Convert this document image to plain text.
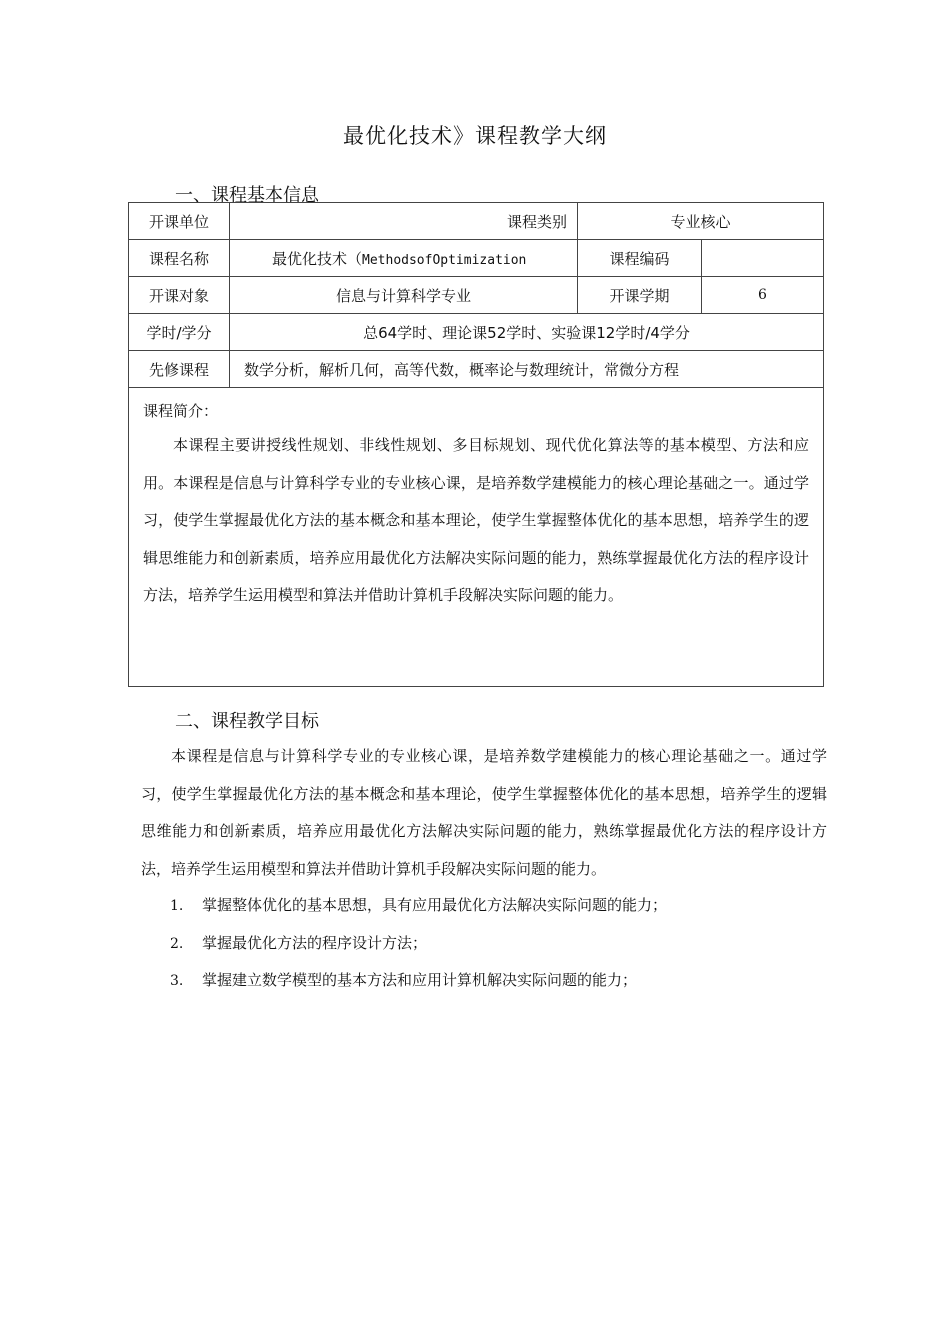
最优化技术》课程教学大纲
一、课程基本信息
开课单位	课程类别	专业核心	
课程名称	最优化技术（MethodsofOptimization	课程编码	
开课对象	信息与计算科学专业	开课学期	6
学时/学分	总64学时、理论课52学时、实验课12学时/4学分		
先修课程	数学分析，解析几何，高等代数，概率论与数理统计，常微分方程		

课程简介：

本课程主要讲授线性规划、非线性规划、多目标规划、现代优化算法等的基本模型、方法和应用。本课程是信息与计算科学专业的专业核心课，是培养数学建模能力的核心理论基础之一。通过学习，使学生掌握最优化方法的基本概念和基本理论，使学生掌握整体优化的基本思想，培养学生的逻辑思维能力和创新素质，培养应用最优化方法解决实际问题的能力，熟练掌握最优化方法的程序设计方法，培养学生运用模型和算法并借助计算机手段解决实际问题的能力。			

二、课程教学目标

本课程是信息与计算科学专业的专业核心课，是培养数学建模能力的核心理论基础之一。通过学习，使学生掌握最优化方法的基本概念和基本理论，使学生掌握整体优化的基本思想，培养学生的逻辑思维能力和创新素质，培养应用最优化方法解决实际问题的能力，熟练掌握最优化方法的程序设计方法，培养学生运用模型和算法并借助计算机手段解决实际问题的能力。

1. 掌握整体优化的基本思想，具有应用最优化方法解决实际问题的能力；
2. 掌握最优化方法的程序设计方法；
3. 掌握建立数学模型的基本方法和应用计算机解决实际问题的能力；
